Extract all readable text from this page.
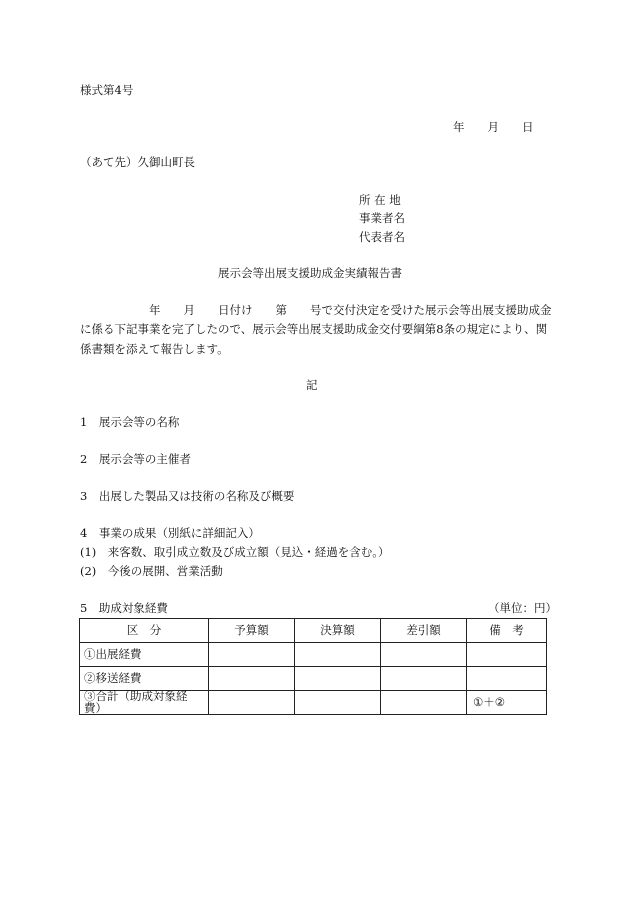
様式第4号
年　　月　　日
（あて先）久御山町長
所 在 地
事業者名
代表者名
展示会等出展支援助成金実績報告書
　　　　　　年　　月　　日付け　　第　　号で交付決定を受けた展示会等出展支援助成金
に係る下記事業を完了したので、展示会等出展支援助成金交付要綱第8条の規定により、関
係書類を添えて報告します。
記
1　展示会等の名称
2　展示会等の主催者
3　出展した製品又は技術の名称及び概要
4　事業の成果（別紙に詳細記入）
(1)　来客数、取引成立数及び成立額（見込・経過を含む。）
(2)　今後の展開、営業活動
5　助成対象経費	（単位：円）
区　分	予算額	決算額	差引額	備　考
①出展経費				
②移送経費				
③合計（助成対象経費）				①＋②
